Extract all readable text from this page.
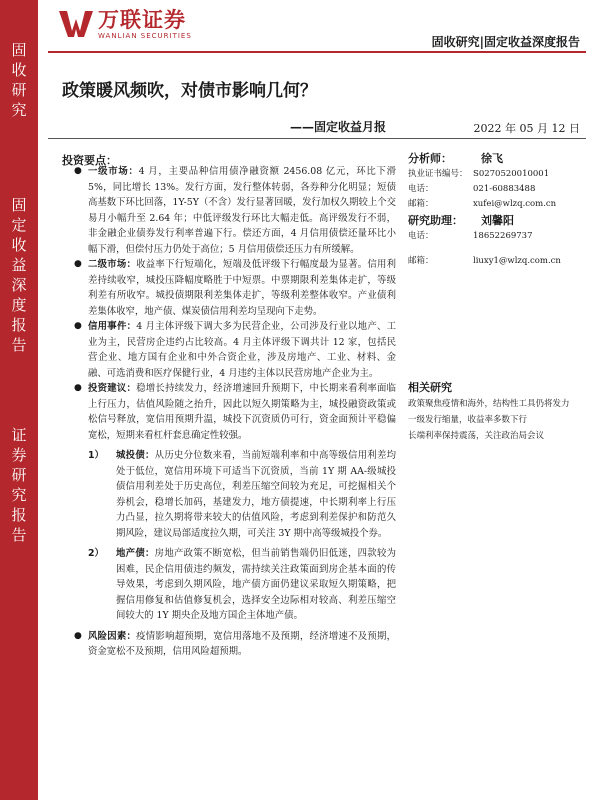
固
收
研
究
固
定
收
益
深
度
报
告
证
券
研
究
报
告
万联证券
WANLIAN SECURITIES	固收研究|固定收益深度报告
政策暖风频吹，对债市影响几何？
——固定收益月报	2022 年 05 月 12 日
投资要点：
● 一级市场：4 月，主要品种信用债净融资额 2456.08 亿元，环比下滑 5%，同比增长 13%。发行方面，发行整体转弱，各券种分化明显；短债高基数下环比回落，1Y-5Y（不含）发行显著回暖，发行加权久期较上个交易月小幅升至 2.64 年；中低评级发行环比大幅走低。高评级发行不弱，非金融企业债券发行利率普遍下行。偿还方面，4 月信用债偿还量环比小幅下滑，但偿付压力仍处于高位；5 月信用债偿还压力有所缓解。
● 二级市场：收益率下行短端化，短端及低评级下行幅度最为显著。信用利差持续收窄，城投压降幅度略胜于中短票。中票期限利差集体走扩，等级利差有所收窄。城投债期限利差集体走扩，等级利差整体收窄。产业债利差集体收窄，地产债、煤炭债信用利差均呈现向下走势。
● 信用事件：4 月主体评级下调大多为民营企业，公司涉及行业以地产、工业为主，民营房企违约占比较高。4 月主体评级下调共计 12 家，包括民营企业、地方国有企业和中外合资企业，涉及房地产、工业、材料、金融、可选消费和医疗保健行业，4 月违约主体以民营房地产企业为主。
● 投资建议：稳增长持续发力，经济增速回升预期下，中长期来看利率面临上行压力，估值风险随之抬升，因此以短久期策略为主，城投融资政策或松信号释放，宽信用预期升温，城投下沉资质仍可行，资金面预计平稳偏宽松，短期来看杠杆套息确定性较强。
1） 城投债：从历史分位数来看，当前短端利率和中高等级信用利差均处于低位，宽信用环境下可适当下沉资质，当前 1Y 期 AA-级城投债信用利差处于历史高位，利差压缩空间较为充足，可挖掘相关个券机会，稳增长加码，基建发力，地方债提速，中长期利率上行压力凸显，拉久期将带来较大的估值风险，考虑到利差保护和防范久期风险，建议局部适度拉久期，可关注 3Y 期中高等级城投个券。
2） 地产债：房地产政策不断宽松，但当前销售端仍旧低迷，四款较为困难，民企信用债违约频发，需持续关注政策面到房企基本面的传导效果，考虑到久期风险，地产债方面仍建议采取短久期策略，把握信用修复和估值修复机会，选择安全边际相对较高、利差压缩空间较大的 1Y 期央企及地方国企主体地产债。
● 风险因素：疫情影响超预期，宽信用落地不及预期，经济增速不及预期，资金宽松不及预期，信用风险超预期。
分析师：	徐飞
执业证书编号： S0270520010001
电话：	021-60883488
邮箱：	xufei@wlzq.com.cn
研究助理：	刘馨阳
电话：	18652269737
邮箱：	liuxy1@wlzq.com.cn
相关研究
政策聚焦疫情和海外，结构性工具仍将发力
一级发行缩量，收益率多数下行
长端利率保持震荡，关注政治局会议
